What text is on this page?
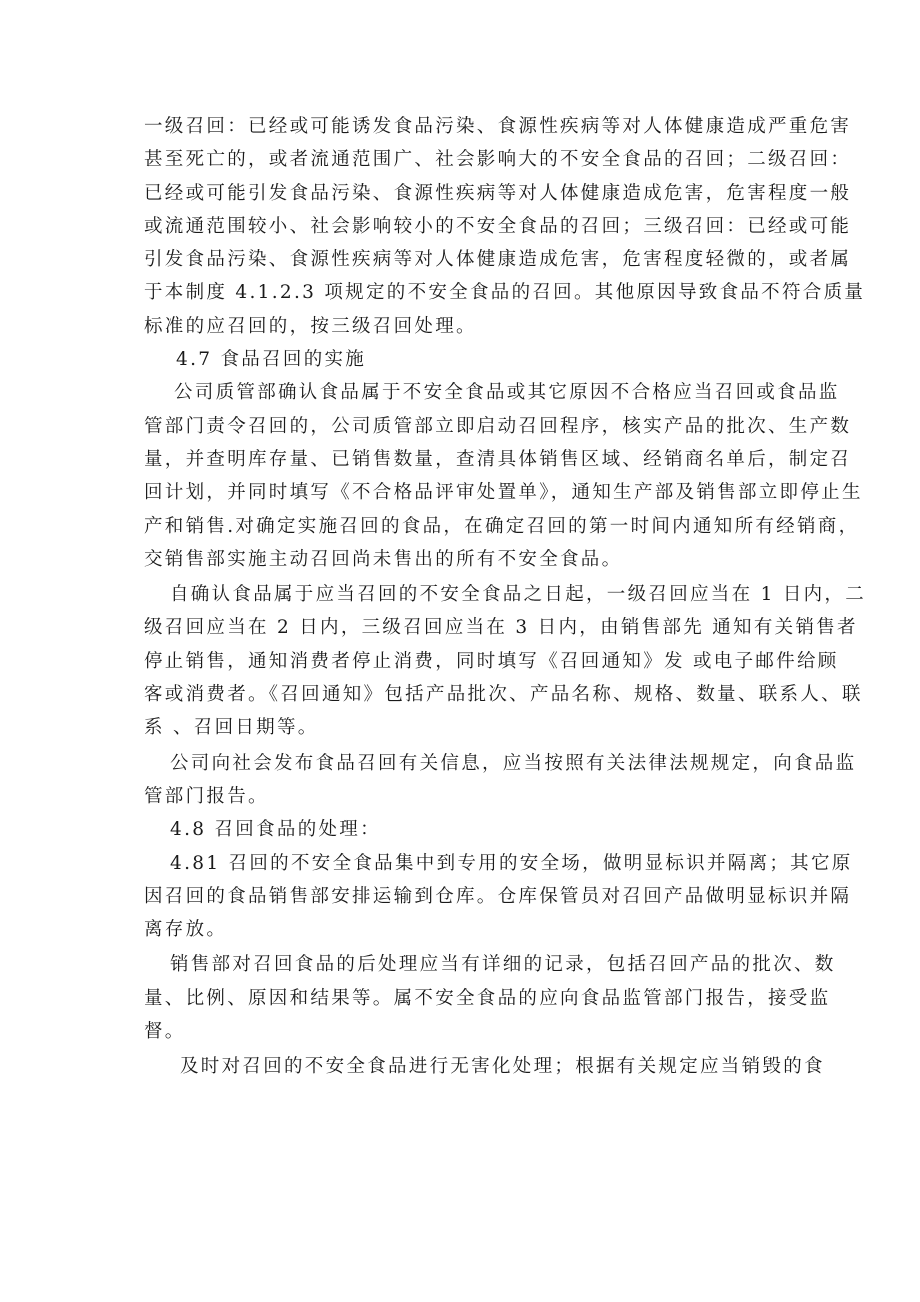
一级召回：已经或可能诱发食品污染、食源性疾病等对人体健康造成严重危害
甚至死亡的，或者流通范围广、社会影响大的不安全食品的召回；二级召回：
已经或可能引发食品污染、食源性疾病等对人体健康造成危害，危害程度一般
或流通范围较小、社会影响较小的不安全食品的召回；三级召回：已经或可能
引发食品污染、食源性疾病等对人体健康造成危害，危害程度轻微的，或者属
于本制度 4.1.2.3 项规定的不安全食品的召回。其他原因导致食品不符合质量
标准的应召回的，按三级召回处理。
4.7 食品召回的实施
公司质管部确认食品属于不安全食品或其它原因不合格应当召回或食品监
管部门责令召回的，公司质管部立即启动召回程序，核实产品的批次、生产数
量，并查明库存量、已销售数量，查清具体销售区域、经销商名单后，制定召
回计划，并同时填写《不合格品评审处置单》，通知生产部及销售部立即停止生
产和销售.对确定实施召回的食品，在确定召回的第一时间内通知所有经销商，
交销售部实施主动召回尚未售出的所有不安全食品。
自确认食品属于应当召回的不安全食品之日起，一级召回应当在 1 日内，二
级召回应当在 2 日内，三级召回应当在 3 日内，由销售部先 通知有关销售者
停止销售，通知消费者停止消费，同时填写《召回通知》发 或电子邮件给顾
客或消费者。《召回通知》包括产品批次、产品名称、规格、数量、联系人、联
系 、召回日期等。
公司向社会发布食品召回有关信息，应当按照有关法律法规规定，向食品监
管部门报告。
4.8 召回食品的处理：
4.81 召回的不安全食品集中到专用的安全场，做明显标识并隔离；其它原
因召回的食品销售部安排运输到仓库。仓库保管员对召回产品做明显标识并隔
离存放。
销售部对召回食品的后处理应当有详细的记录，包括召回产品的批次、数
量、比例、原因和结果等。属不安全食品的应向食品监管部门报告，接受监
督。
及时对召回的不安全食品进行无害化处理；根据有关规定应当销毁的食
